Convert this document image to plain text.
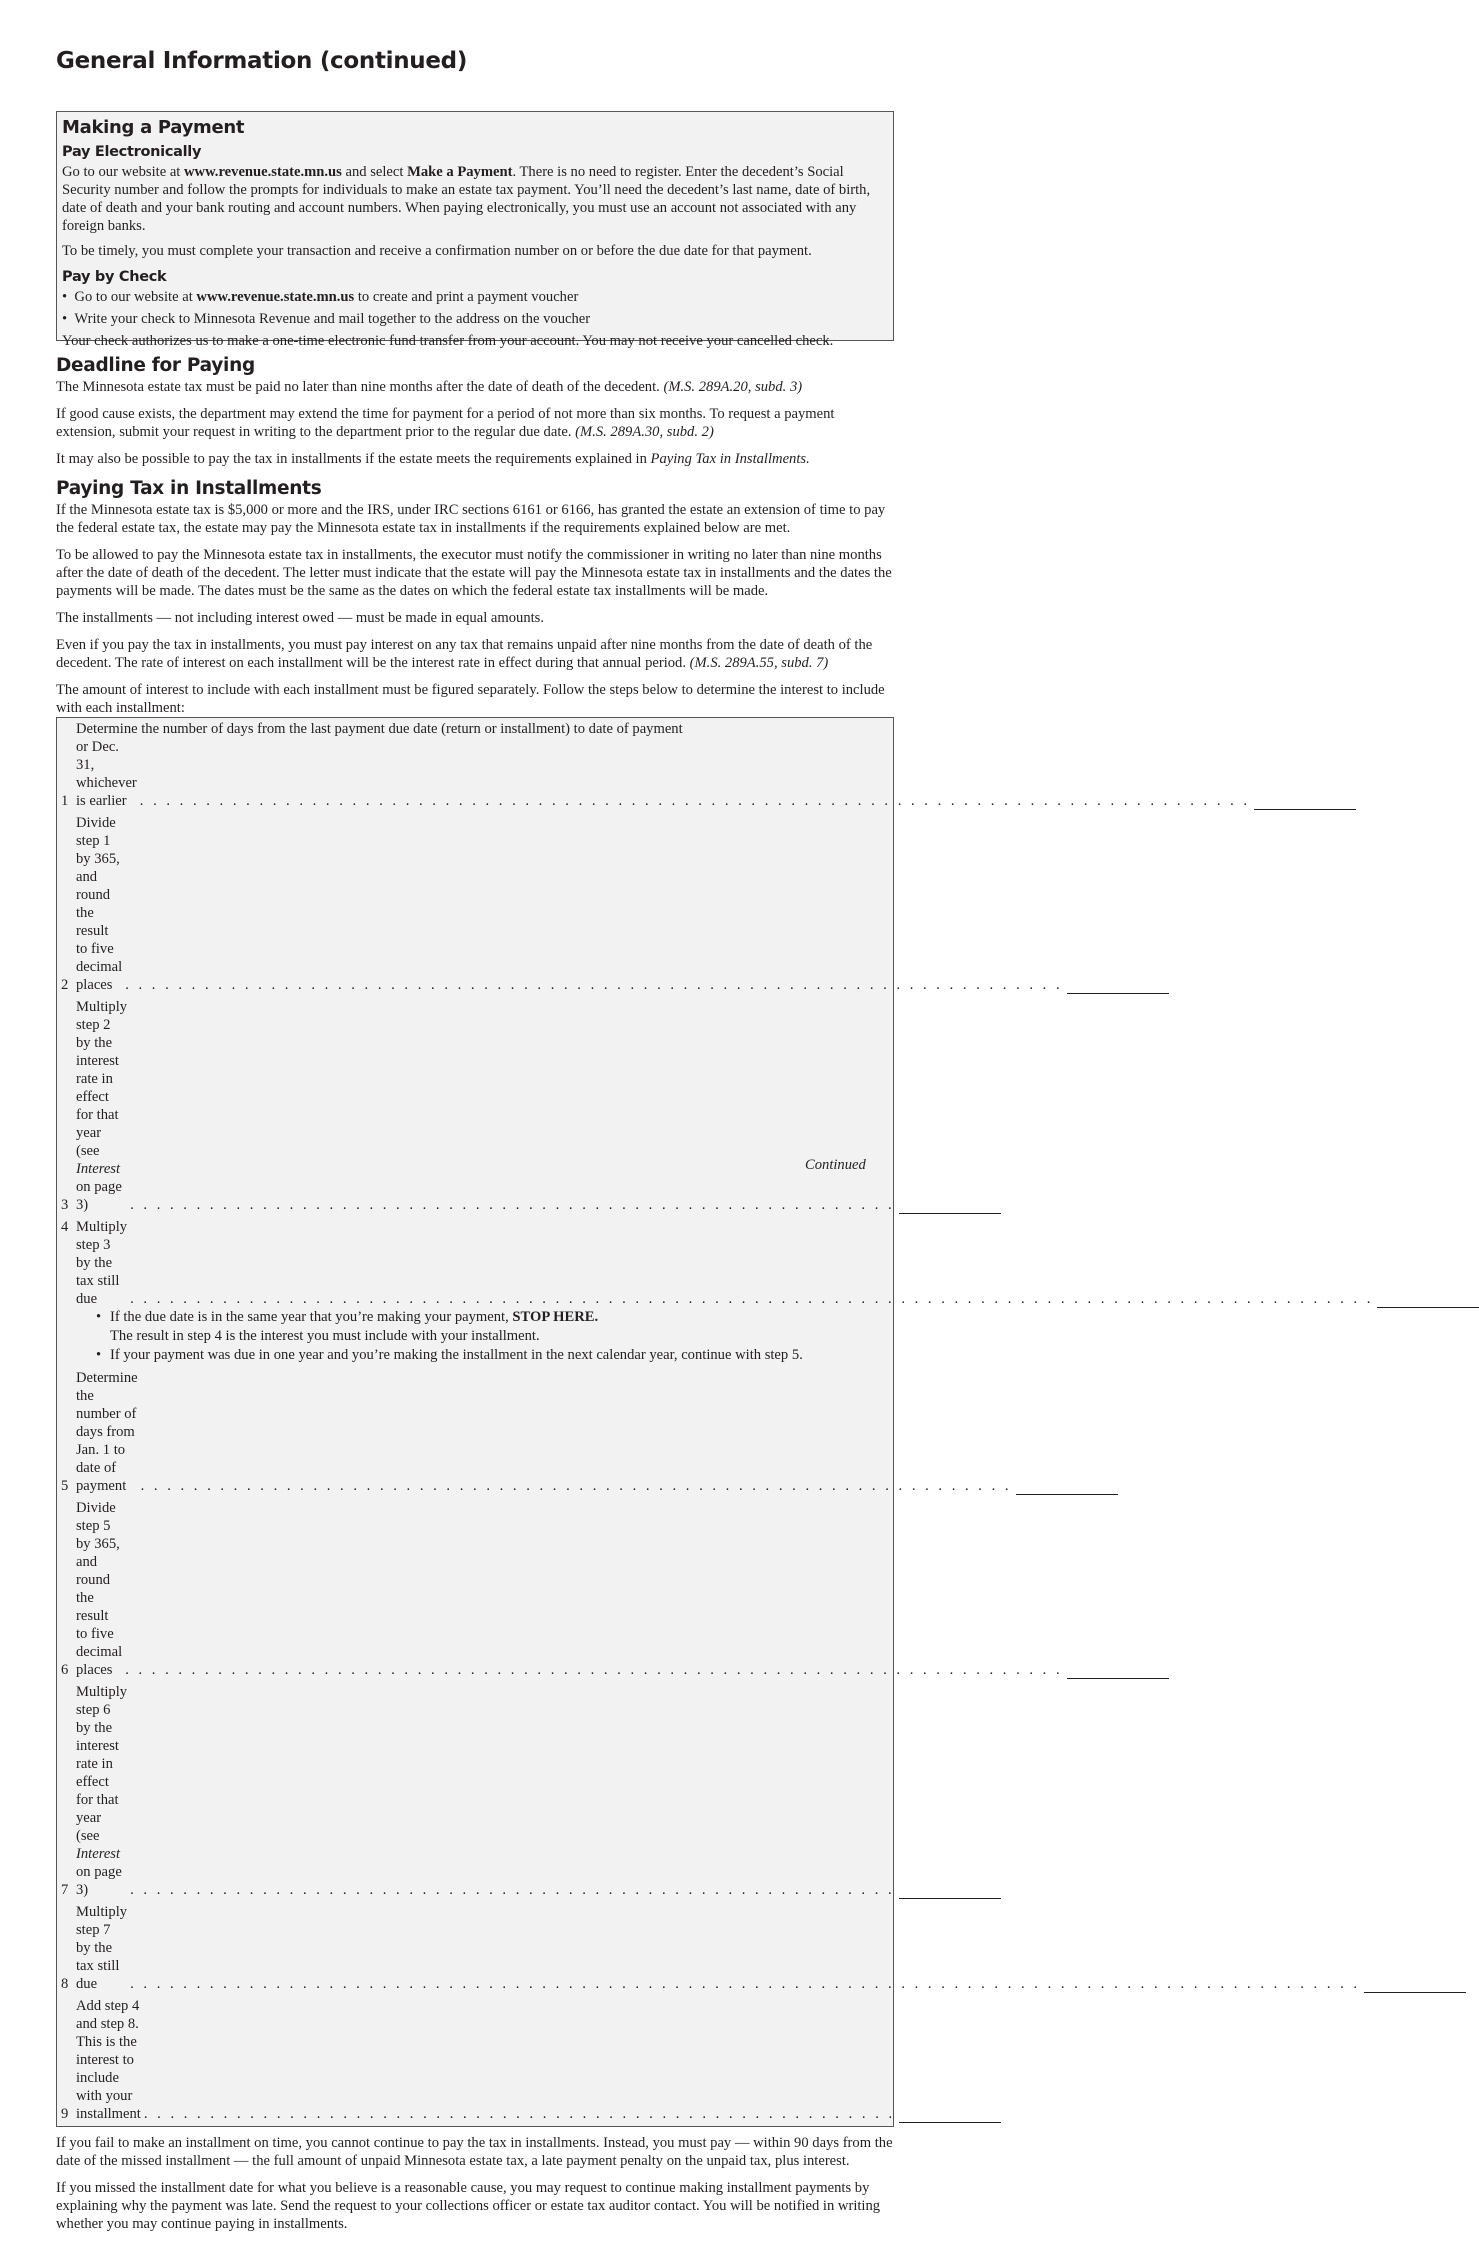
General Information (continued)
Making a Payment
Pay Electronically

Go to our website at www.revenue.state.mn.us and select Make a Payment. There is no need to register. Enter the decedent’s Social Security number and follow the prompts for individuals to make an estate tax payment. You’ll need the decedent’s last name, date of birth, date of death and your bank routing and account numbers. When paying electronically, you must use an account not associated with any foreign banks.

To be timely, you must complete your transaction and receive a confirmation number on or before the due date for that payment.

Pay by Check
•  Go to our website at www.revenue.state.mn.us to create and print a payment voucher
•  Write your check to Minnesota Revenue and mail together to the address on the voucher

Your check authorizes us to make a one-time electronic fund transfer from your account. You may not receive your cancelled check.

Deadline for Paying

The Minnesota estate tax must be paid no later than nine months after the date of death of the decedent. (M.S. 289A.20, subd. 3)

If good cause exists, the department may extend the time for payment for a period of not more than six months. To request a payment extension, submit your request in writing to the department prior to the regular due date. (M.S. 289A.30, subd. 2)

It may also be possible to pay the tax in installments if the estate meets the requirements explained in Paying Tax in Installments.

Paying Tax in Installments

If the Minnesota estate tax is $5,000 or more and the IRS, under IRC sections 6161 or 6166, has granted the estate an extension of time to pay the federal estate tax, the estate may pay the Minnesota estate tax in installments if the requirements explained below are met.

To be allowed to pay the Minnesota estate tax in installments, the executor must notify the commissioner in writing no later than nine months after the date of death of the decedent. The letter must indicate that the estate will pay the Minnesota estate tax in installments and the dates the payments will be made. The dates must be the same as the dates on which the federal estate tax installments will be made.

The installments — not including interest owed — must be made in equal amounts.

Even if you pay the tax in installments, you must pay interest on any tax that remains unpaid after nine months from the date of death of the decedent. The rate of interest on each installment will be the interest rate in effect during that annual period. (M.S. 289A.55, subd. 7)

The amount of interest to include with each installment must be figured separately. Follow the steps below to determine the interest to include with each installment:

1
Determine the number of days from the last payment due date (return or installment) to date of payment
or Dec. 31, whichever is earlier . . . . . . . . . . . . . . . . . . . . . . . . . . . . . . . . . . . . . . . . . . . . . . . . . . . . . . . . . . . . . . . . . . . . . . . . . . . . . . . . . . . .
2
Divide step 1 by 365, and round the result to five decimal places . . . . . . . . . . . . . . . . . . . . . . . . . . . . . . . . . . . . . . . . . . . . . . . . . . . . . . . . . . . . . . . . . . . . . . .
3
Multiply step 2 by the interest rate in effect for that year (see Interest on page 3)	. . . . . . . . . . . . . . . . . . . . . . . . . . . . . . . . . . . . . . . . . . . . . . . . . . . . . . . . . .
4 Multiply step 3 by the tax still due	. . . . . . . . . . . . . . . . . . . . . . . . . . . . . . . . . . . . . . . . . . . . . . . . . . . . . . . . . . . . . . . . . . . . . . . . . . . . . . . . . . . . . . . . . . . . . .
• If the due date is in the same year that you’re making your payment, STOP HERE.
The result in step 4 is the interest you must include with your installment.
• If your payment was due in one year and you’re making the installment in the next calendar year, continue with step 5.
5
Determine the number of days from Jan. 1 to date of payment . . . . . . . . . . . . . . . . . . . . . . . . . . . . . . . . . . . . . . . . . . . . . . . . . . . . . . . . . . . . . . . . . .
6
Divide step 5 by 365, and round the result to five decimal places . . . . . . . . . . . . . . . . . . . . . . . . . . . . . . . . . . . . . . . . . . . . . . . . . . . . . . . . . . . . . . . . . . . . . . .
7
Multiply step 6 by the interest rate in effect for that year (see Interest on page 3)	. . . . . . . . . . . . . . . . . . . . . . . . . . . . . . . . . . . . . . . . . . . . . . . . . . . . . . . . . .
8
Multiply step 7 by the tax still due	. . . . . . . . . . . . . . . . . . . . . . . . . . . . . . . . . . . . . . . . . . . . . . . . . . . . . . . . . . . . . . . . . . . . . . . . . . . . . . . . . . . . . . . . . . . . .
9
Add step 4 and step 8. This is the interest to include with your installment . . . . . . . . . . . . . . . . . . . . . . . . . . . . . . . . . . . . . . . . . . . . . . . . . . . . . . . . .

If you fail to make an installment on time, you cannot continue to pay the tax in installments. Instead, you must pay — within 90 days from the date of the missed installment — the full amount of unpaid Minnesota estate tax, a late payment penalty on the unpaid tax, plus interest.

If you missed the installment date for what you believe is a reasonable cause, you may request to continue making installment payments by explaining why the payment was late. Send the request to your collections officer or estate tax auditor contact. You will be notified in writing whether you may continue paying in installments.

Continued
